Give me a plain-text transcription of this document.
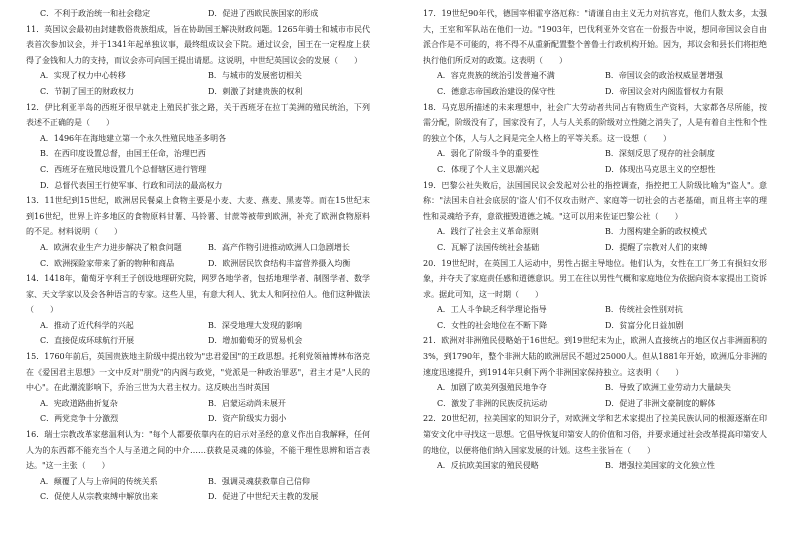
C．不利于政治统一和社会稳定	D．促进了西欧民族国家的形成

11．英国议会最初由封建教俗贵族组成，旨在协助国王解决财政问题。1265年骑士和城市市民代表首次参加议会，并于1341年起单独议事，最终组成议会下院。通过议会，国王在一定程度上获得了金钱和人力的支持，而议会亦可向国王提出请愿。这说明，中世纪英国议会的发展（　　）

A．实现了权力中心转移	B．与城市的发展密切相关
C．节制了国王的财政权力	D．刺激了封建贵族的权利

12．伊比利亚半岛的西班牙很早就走上殖民扩张之路，关于西班牙在拉丁美洲的殖民统治，下列表述不正确的是（　　）

A．1496年在海地建立第一个永久性殖民地圣多明各
B．在西印度设置总督，由国王任命，治理巴西
C．西班牙在殖民地设置几个总督辖区进行管理
D．总督代表国王行使军事、行政和司法的最高权力

13．11世纪到15世纪，欧洲居民餐桌上食物主要是小麦、大麦、燕麦、黑麦等。而在15世纪末到16世纪，世界上许多地区的食物原料甘薯、马铃薯、甘蔗等被带到欧洲，补充了欧洲食物原料的不足。材料说明（　　）

A．欧洲农业生产力进步解决了粮食问题	B．高产作物引进推动欧洲人口急剧增长
C．欧洲探险家带来了新的物种和商品	D．欧洲居民饮食结构丰富营养摄入均衡

14．1418年，葡萄牙亨利王子创设地理研究院，网罗各地学者，包括地理学者、制图学者、数学家、天文学家以及会各种语言的专家。这些人里，有意大利人、犹太人和阿拉伯人。他们这种做法（　　）

A．推动了近代科学的兴起	B．深受地理大发现的影响
C．直接促成环球航行开展	D．增加葡萄牙的贸易机会

15．1760年前后，英国贵族地主阶级中提出较为"忠君爱国"的王政思想。托利党领袖博林布洛克在《爱国君主思想》一文中反对"朋党"的内阁与政党，"党派是一种政治罪恶"，君主才是"人民的中心"。在此潮流影响下，乔治三世为大君主权力。这反映出当时英国

A．宪政道路曲折复杂	B．启蒙运动尚未展开
C．两党竞争十分激烈	D．资产阶级实力弱小

16．瑞士宗教改革家慈温利认为："每个人都要依靠内在的启示对圣经的意义作出自我解释，任何人为的东西都不能充当个人与圣道之间的中介……获救是灵魂的体验，不能干理性思辨和语言表达。"这一主张（　　）

A．颠覆了人与上帝间的传统关系	B．强调灵魂获救靠自己信仰
C．促使人从宗教束缚中解放出来	D．促进了中世纪天主教的发展

17．19世纪90年代，德国宰相霍亨洛厄称："请谨自由主义无力对抗容克，他们人数太多，太强大，王室和军队站在他们一边。"1903年，巴伐利亚外交官在一份报告中说，想同帝国议会自由派合作是不可能的，将不得不从重新配置整个普鲁士行政机构开始。因为，邦议会和县长们将拒绝执行他们所反对的政策。这表明（　　）

A．容克贵族的统治引发普遍不满	B．帝国议会的政治权威显著增强
C．德意志帝国政治建设的保守性	D．帝国议会对内阁监督权力有限

18．马克思所描述的未来理想中，社会广大劳动者共同占有物质生产资料，大家都各尽所能，按需分配，阶级没有了，国家没有了，人与人关系的阶级对立性随之消失了，人是有着自主性和个性的独立个体，人与人之间是完全人格上的平等关系。这一设想（　　）

A．弱化了阶级斗争的重要性	B．深刻反思了现存的社会制度
C．体现了个人主义思潮兴起	D．体现出马克思主义的空想性

19．巴黎公社失败后，法国国民议会发起对公社的指控调查，指控把工人阶级比喻为"盗人"。意称："法国未自社会底层的'盗人'们不仅攻击财产、家庭等一切社会的古老基础，而且将主宰的理性和灵魂给予弃，意欲摧毁道德之城。"这可以用来佐证巴黎公社（　　）

A．践行了社会主义革命原则	B．力图构建全新的政权模式
C．瓦解了法国传统社会基础	D．提醒了宗教对人们的束缚

20．19世纪时，在英国工人运动中，男性占据主导地位。他们认为，女性在工厂务工有损妇女形象，并夺夫了家庭责任感和道德意识。男工在往以男性气概和家庭地位为依据向资本家提出工资诉求。据此可知，这一时期（　　）

A．工人斗争缺乏科学理论指导	B．传统社会性别对抗
C．女性的社会地位在不断下降	D．贫富分化日益加剧

21．欧洲对非洲殖民侵略始于16世纪。到19世纪末为止，欧洲人直接统占的地区仅占非洲面积的3%，到1790年，整个非洲大陆的欧洲居民不超过25000人。但从1881年开始，欧洲瓜分非洲的速度迅速提升，到1914年只剩下两个非洲国家保持独立。这表明（　　）

A．加剧了欧美列强殖民地争夺	B．导致了欧洲工业劳动力大量缺失
C．激发了非洲的民族反抗运动	D．促进了非洲文豪制度的解体

22．20世纪初，拉美国家的知识分子，对欧洲文学和艺术家提出了拉美民族认同的根源逐渐在印第安文化中寻找这一思想。它倡导恢复印第安人的价值和习俗，并要求通过社会改革提高印第安人的地位，以便将他们纳入国家发展的计划。这些主张旨在（　　）

A．反抗欧美国家的殖民侵略	B．增强拉美国家的文化独立性
